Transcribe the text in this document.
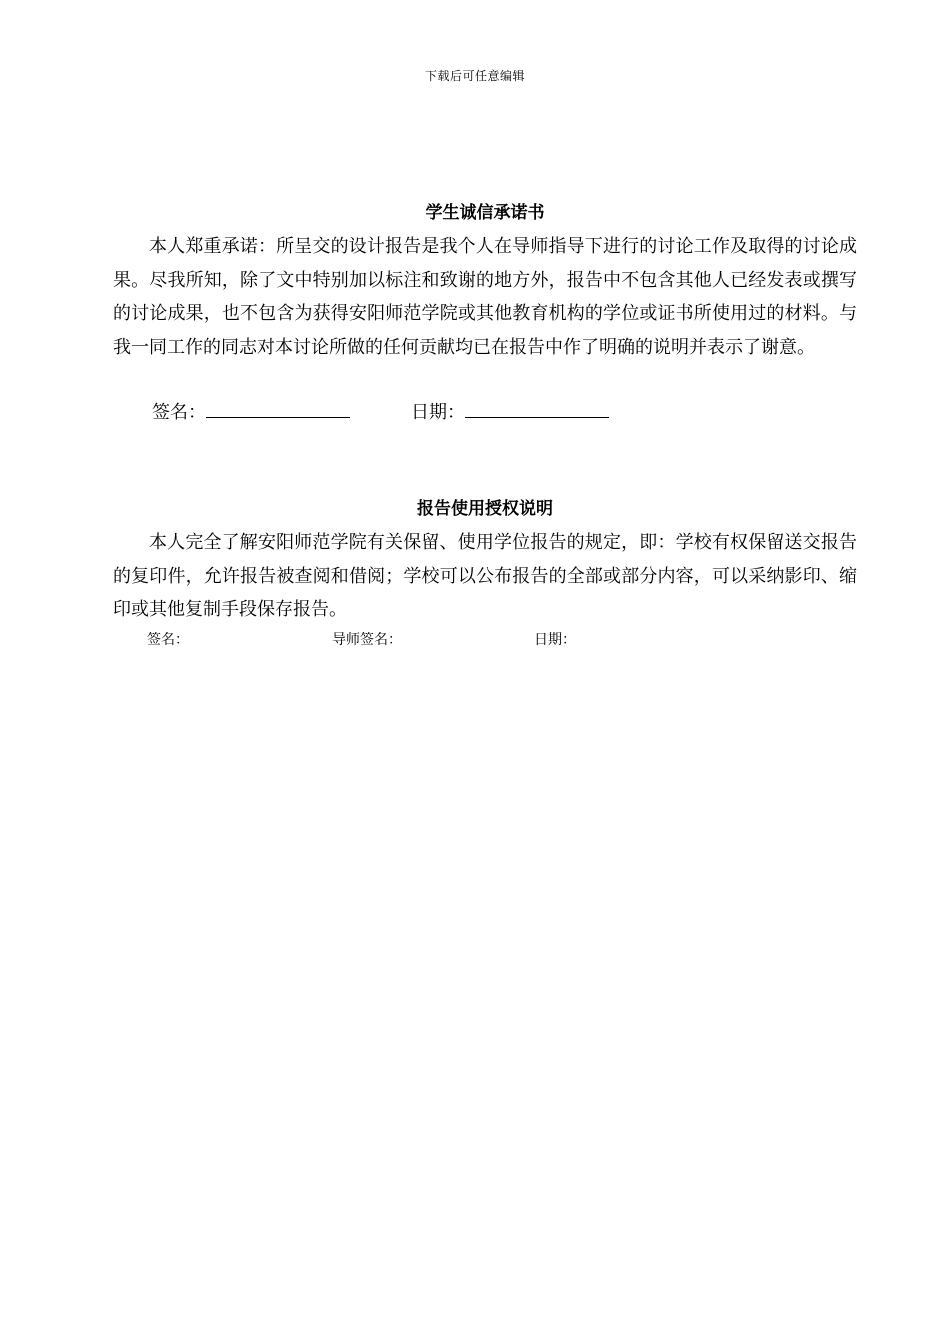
下载后可任意编辑
学生诚信承诺书

本人郑重承诺：所呈交的设计报告是我个人在导师指导下进行的讨论工作及取得的讨论成果。尽我所知，除了文中特别加以标注和致谢的地方外，报告中不包含其他人已经发表或撰写的讨论成果，也不包含为获得安阳师范学院或其他教育机构的学位或证书所使用过的材料。与我一同工作的同志对本讨论所做的任何贡献均已在报告中作了明确的说明并表示了谢意。

签名：	日期：
报告使用授权说明

本人完全了解安阳师范学院有关保留、使用学位报告的规定，即：学校有权保留送交报告的复印件，允许报告被查阅和借阅；学校可以公布报告的全部或部分内容，可以采纳影印、缩印或其他复制手段保存报告。

签名：	导师签名：	日期：
